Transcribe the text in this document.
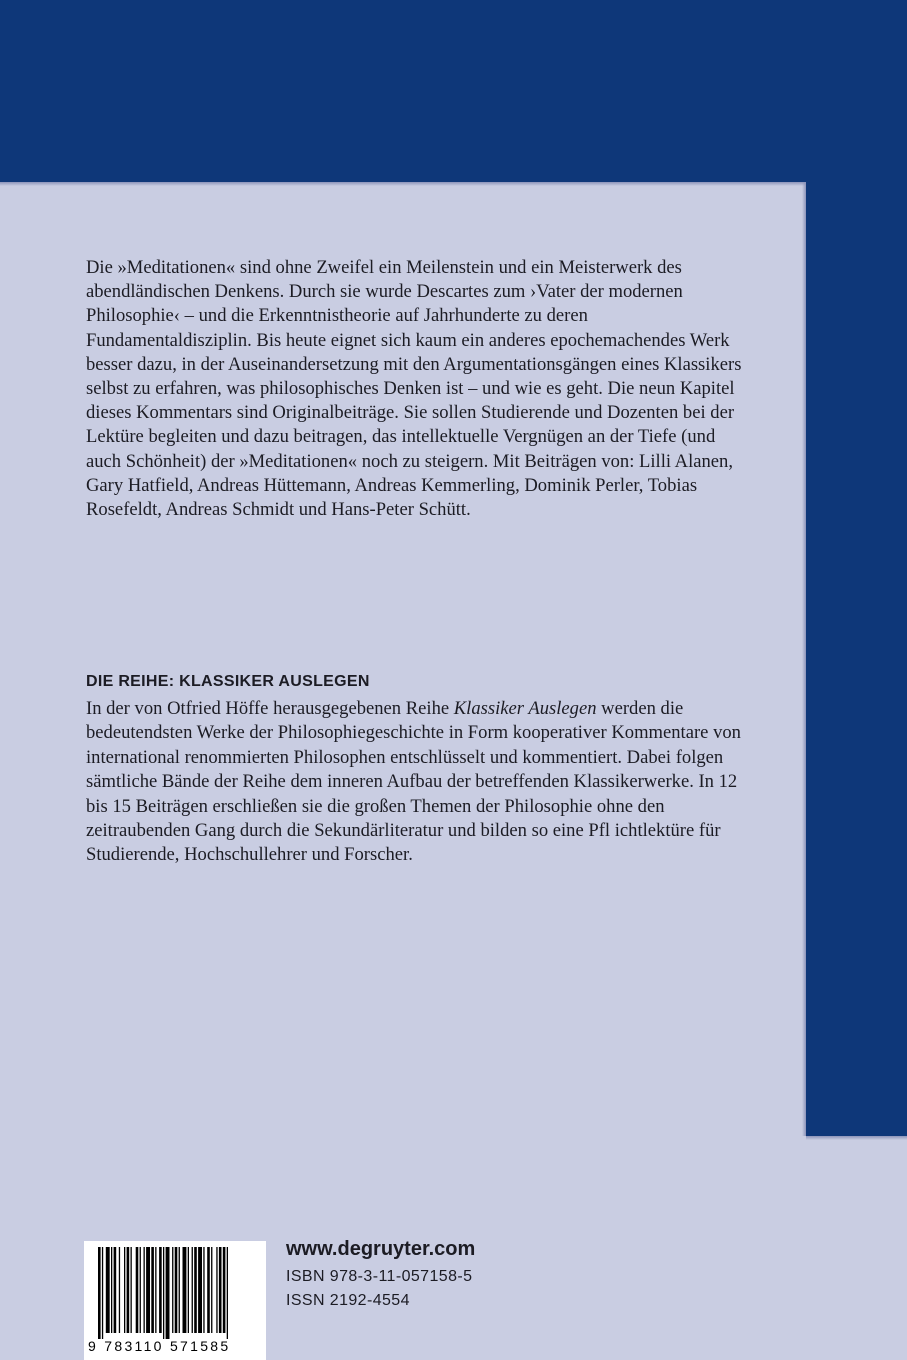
Die »Meditationen« sind ohne Zweifel ein Meilenstein und ein Meisterwerk des abendländischen Denkens. Durch sie wurde Descartes zum ›Vater der modernen Philosophie‹ – und die Erkenntnistheorie auf Jahrhunderte zu deren Fundamentaldisziplin. Bis heute eignet sich kaum ein anderes epochemachendes Werk besser dazu, in der Auseinandersetzung mit den Argumentationsgängen eines Klassikers selbst zu erfahren, was philosophisches Denken ist – und wie es geht. Die neun Kapitel dieses Kommentars sind Originalbeiträge. Sie sollen Studierende und Dozenten bei der Lektüre begleiten und dazu beitragen, das intellektuelle Vergnügen an der Tiefe (und auch Schönheit) der »Meditationen« noch zu steigern. Mit Beiträgen von: Lilli Alanen, Gary Hatfield, Andreas Hüttemann, Andreas Kemmerling, Dominik Perler, Tobias Rosefeldt, Andreas Schmidt und Hans-Peter Schütt.

DIE REIHE: KLASSIKER AUSLEGEN

In der von Otfried Höffe herausgegebenen Reihe Klassiker Auslegen werden die bedeutendsten Werke der Philosophiegeschichte in Form kooperativer Kommentare von international renommierten Philosophen entschlüsselt und kommentiert. Dabei folgen sämtliche Bände der Reihe dem inneren Aufbau der betreffenden Klassikerwerke. In 12 bis 15 Beiträgen erschließen sie die großen Themen der Philosophie ohne den zeitraubenden Gang durch die Sekundärliteratur und bilden so eine Pfl ichtlektüre für Studierende, Hochschullehrer und Forscher.

9 783110 571585
www.degruyter.com
ISBN 978-3-11-057158-5
ISSN 2192-4554
